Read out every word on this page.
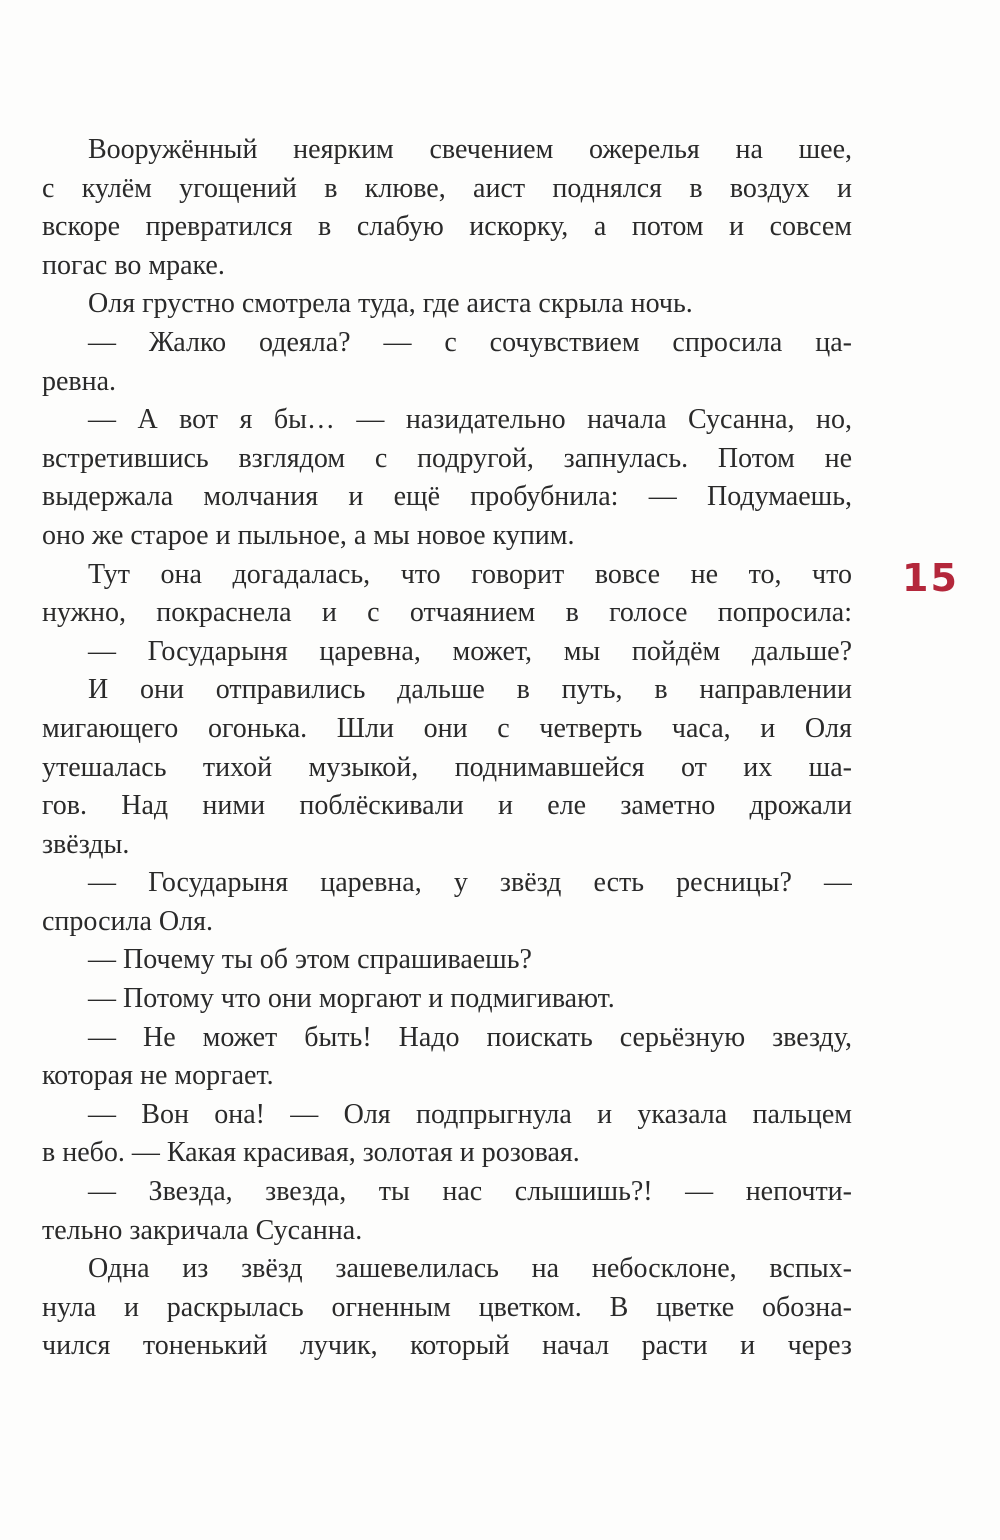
Вооружённый неярким свечением ожерелья на шее,
с кулём угощений в клюве, аист поднялся в воздух и
вскоре превратился в слабую искорку, а потом и совсем
погас во мраке.
Оля грустно смотрела туда, где аиста скрыла ночь.
— Жалко одеяла? — с сочувствием спросила ца-
ревна.
— А вот я бы… — назидательно начала Сусанна, но,
встретившись взглядом с подругой, запнулась. Потом не
выдержала молчания и ещё пробубнила: — Подумаешь,
оно же старое и пыльное, а мы новое купим.
Тут она догадалась, что говорит вовсе не то, что
нужно, покраснела и с отчаянием в голосе попросила:
— Государыня царевна, может, мы пойдём дальше?
И они отправились дальше в путь, в направлении
мигающего огонька. Шли они с четверть часа, и Оля
утешалась тихой музыкой, поднимавшейся от их ша-
гов. Над ними поблёскивали и еле заметно дрожали
звёзды.
— Государыня царевна, у звёзд есть ресницы? —
спросила Оля.
— Почему ты об этом спрашиваешь?
— Потому что они моргают и подмигивают.
— Не может быть! Надо поискать серьёзную звезду,
которая не моргает.
— Вон она! — Оля подпрыгнула и указала пальцем
в небо. — Какая красивая, золотая и розовая.
— Звезда, звезда, ты нас слышишь?! — непочти-
тельно закричала Сусанна.
Одна из звёзд зашевелилась на небосклоне, вспых-
нула и раскрылась огненным цветком. В цветке обозна-
чился тоненький лучик, который начал расти и через
15
